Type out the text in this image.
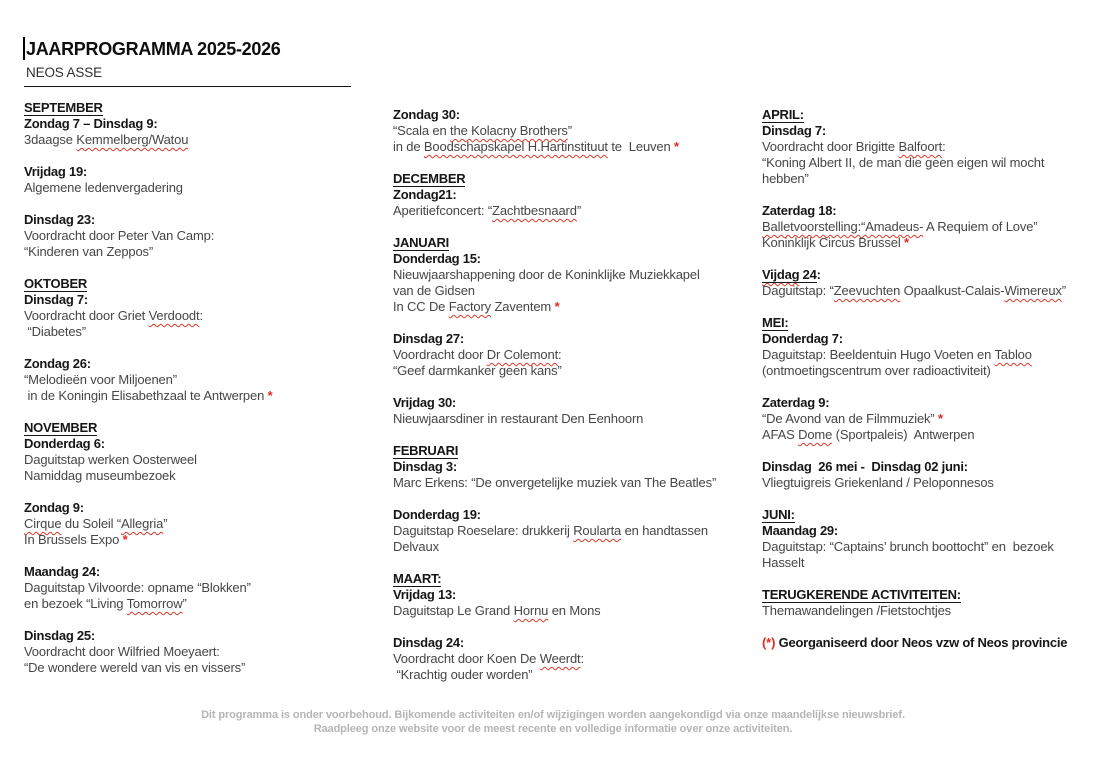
JAARPROGRAMMA 2025-2026
NEOS ASSE
SEPTEMBER
Zondag 7 – Dinsdag 9:
3daagse Kemmelberg/Watou
Vrijdag 19:
Algemene ledenvergadering
Dinsdag 23:
Voordracht door Peter Van Camp:
“Kinderen van Zeppos”
OKTOBER
Dinsdag 7:
Voordracht door Griet Verdoodt:
“Diabetes”
Zondag 26:
“Melodieën voor Miljoenen”
in de Koningin Elisabethzaal te Antwerpen *
NOVEMBER
Donderdag 6:
Daguitstap werken Oosterweel
Namiddag museumbezoek
Zondag 9:
Cirque du Soleil “Allegria”
In Brussels Expo *
Maandag 24:
Daguitstap Vilvoorde: opname “Blokken”
en bezoek “Living Tomorrow”
Dinsdag 25:
Voordracht door Wilfried Moeyaert:
“De wondere wereld van vis en vissers”
Zondag 30:
“Scala en the Kolacny Brothers”
in de Boodschapskapel H.Hartinstituut te  Leuven *
DECEMBER
Zondag21:
Aperitiefconcert: “Zachtbesnaard”
JANUARI
Donderdag 15:
Nieuwjaarshappening door de Koninklijke Muziekkapel
van de Gidsen
In CC De Factory Zaventem *
Dinsdag 27:
Voordracht door Dr Colemont:
“Geef darmkanker geen kans”
Vrijdag 30:
Nieuwjaarsdiner in restaurant Den Eenhoorn
FEBRUARI
Dinsdag 3:
Marc Erkens: “De onvergetelijke muziek van The Beatles”
Donderdag 19:
Daguitstap Roeselare: drukkerij Roularta en handtassen
Delvaux
MAART:
Vrijdag 13:
Daguitstap Le Grand Hornu en Mons
Dinsdag 24:
Voordracht door Koen De Weerdt:
“Krachtig ouder worden”
APRIL:
Dinsdag 7:
Voordracht door Brigitte Balfoort:
“Koning Albert II, de man die geen eigen wil mocht
hebben”
Zaterdag 18:
Balletvoorstelling:“Amadeus- A Requiem of Love”
Koninklijk Circus Brussel *
Vijdag 24:
Daguitstap: “Zeevuchten Opaalkust-Calais-Wimereux”
MEI:
Donderdag 7:
Daguitstap: Beeldentuin Hugo Voeten en Tabloo
(ontmoetingscentrum over radioactiviteit)
Zaterdag 9:
“De Avond van de Filmmuziek” *
AFAS Dome (Sportpaleis)  Antwerpen
Dinsdag  26 mei -  Dinsdag 02 juni:
Vliegtuigreis Griekenland / Peloponnesos
JUNI:
Maandag 29:
Daguitstap: “Captains’ brunch boottocht” en  bezoek
Hasselt
TERUGKERENDE ACTIVITEITEN:
Themawandelingen /Fietstochtjes
(*) Georganiseerd door Neos vzw of Neos provincie
Dit programma is onder voorbehoud. Bijkomende activiteiten en/of wijzigingen worden aangekondigd via onze maandelijkse nieuwsbrief.
Raadpleeg onze website voor de meest recente en volledige informatie over onze activiteiten.
